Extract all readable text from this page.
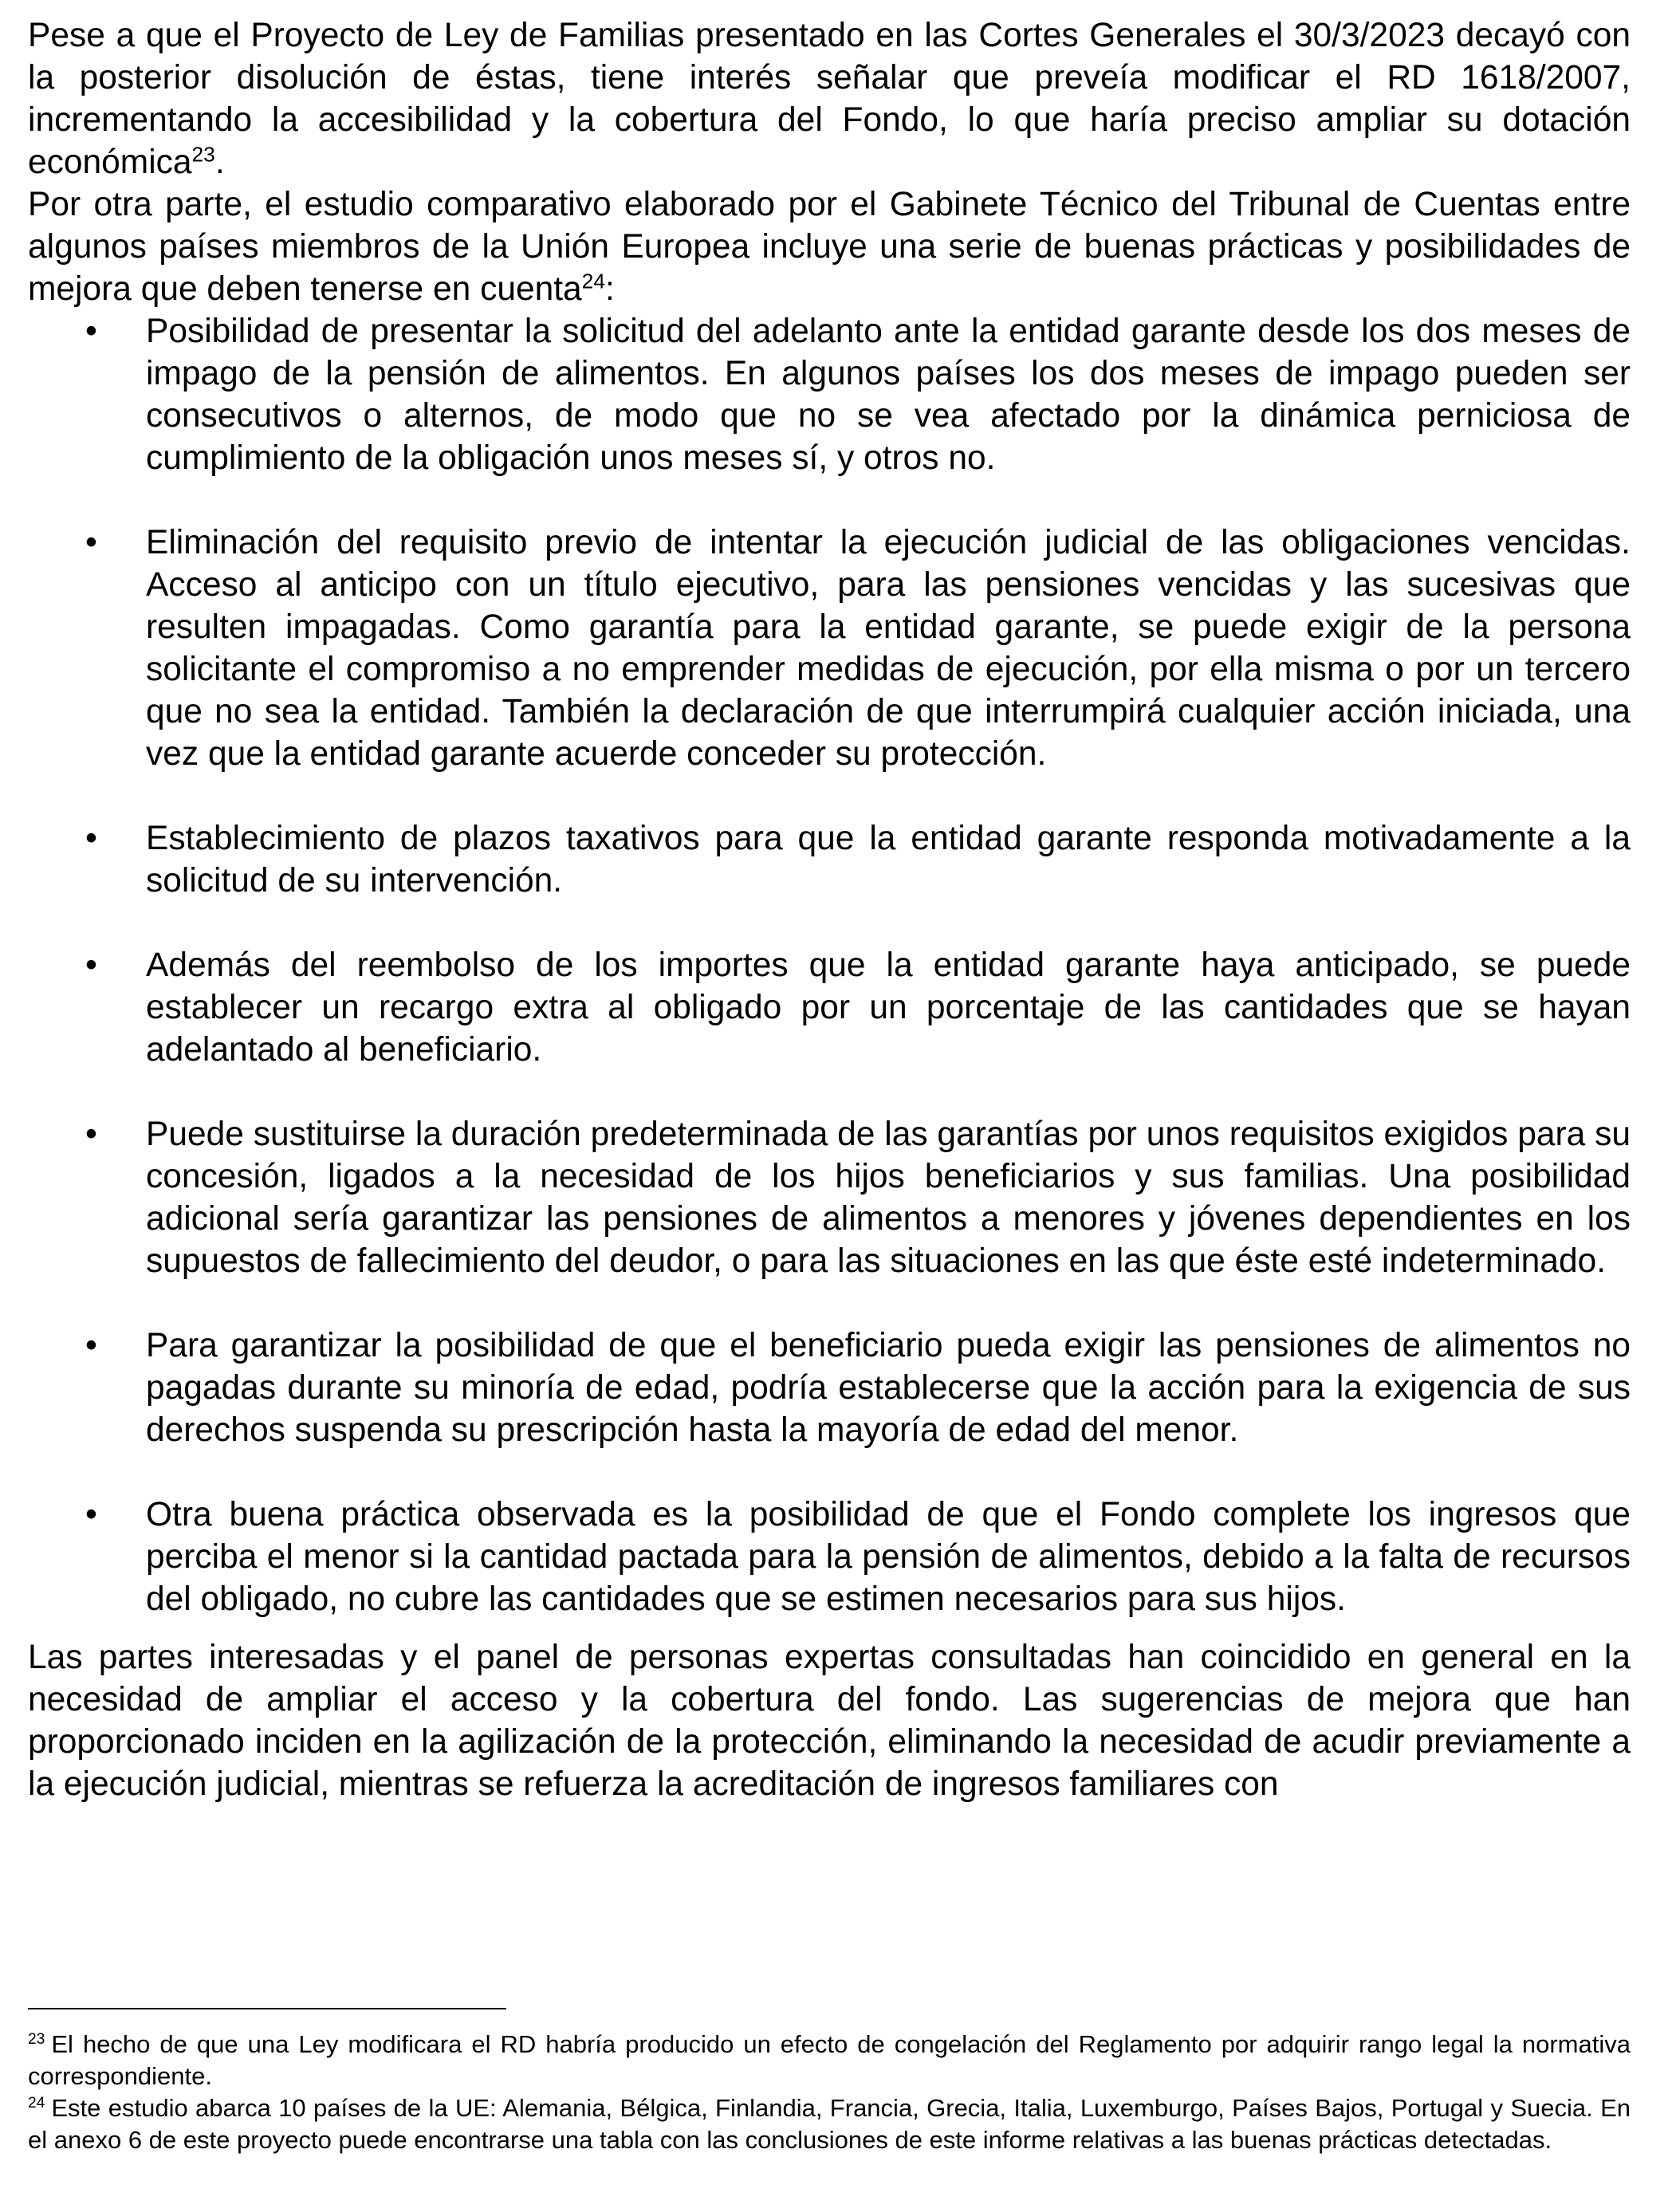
Pese a que el Proyecto de Ley de Familias presentado en las Cortes Generales el 30/3/2023 decayó con la posterior disolución de éstas, tiene interés señalar que preveía modificar el RD 1618/2007, incrementando la accesibilidad y la cobertura del Fondo, lo que haría preciso ampliar su dotación económica$^{23}$.

Por otra parte, el estudio comparativo elaborado por el Gabinete Técnico del Tribunal de Cuentas entre algunos países miembros de la Unión Europea incluye una serie de buenas prácticas y posibilidades de mejora que deben tenerse en cuenta$^{24}$:

• Posibilidad de presentar la solicitud del adelanto ante la entidad garante desde los dos meses de impago de la pensión de alimentos. En algunos países los dos meses de impago pueden ser consecutivos o alternos, de modo que no se vea afectado por la dinámica perniciosa de cumplimiento de la obligación unos meses sí, y otros no.
• Eliminación del requisito previo de intentar la ejecución judicial de las obligaciones vencidas. Acceso al anticipo con un título ejecutivo, para las pensiones vencidas y las sucesivas que resulten impagadas. Como garantía para la entidad garante, se puede exigir de la persona solicitante el compromiso a no emprender medidas de ejecución, por ella misma o por un tercero que no sea la entidad. También la declaración de que interrumpirá cualquier acción iniciada, una vez que la entidad garante acuerde conceder su protección.
• Establecimiento de plazos taxativos para que la entidad garante responda motivadamente a la solicitud de su intervención.
• Además del reembolso de los importes que la entidad garante haya anticipado, se puede establecer un recargo extra al obligado por un porcentaje de las cantidades que se hayan adelantado al beneficiario.
• Puede sustituirse la duración predeterminada de las garantías por unos requisitos exigidos para su concesión, ligados a la necesidad de los hijos beneficiarios y sus familias. Una posibilidad adicional sería garantizar las pensiones de alimentos a menores y jóvenes dependientes en los supuestos de fallecimiento del deudor, o para las situaciones en las que éste esté indeterminado.
• Para garantizar la posibilidad de que el beneficiario pueda exigir las pensiones de alimentos no pagadas durante su minoría de edad, podría establecerse que la acción para la exigencia de sus derechos suspenda su prescripción hasta la mayoría de edad del menor.
• Otra buena práctica observada es la posibilidad de que el Fondo complete los ingresos que perciba el menor si la cantidad pactada para la pensión de alimentos, debido a la falta de recursos del obligado, no cubre las cantidades que se estimen necesarios para sus hijos.

Las partes interesadas y el panel de personas expertas consultadas han coincidido en general en la necesidad de ampliar el acceso y la cobertura del fondo. Las sugerencias de mejora que han proporcionado inciden en la agilización de la protección, eliminando la necesidad de acudir previamente a la ejecución judicial, mientras se refuerza la acreditación de ingresos familiares con

$^{23}$ El hecho de que una Ley modificara el RD habría producido un efecto de congelación del Reglamento por adquirir rango legal la normativa correspondiente.

$^{24}$ Este estudio abarca 10 países de la UE: Alemania, Bélgica, Finlandia, Francia, Grecia, Italia, Luxemburgo, Países Bajos, Portugal y Suecia. En el anexo 6 de este proyecto puede encontrarse una tabla con las conclusiones de este informe relativas a las buenas prácticas detectadas.
